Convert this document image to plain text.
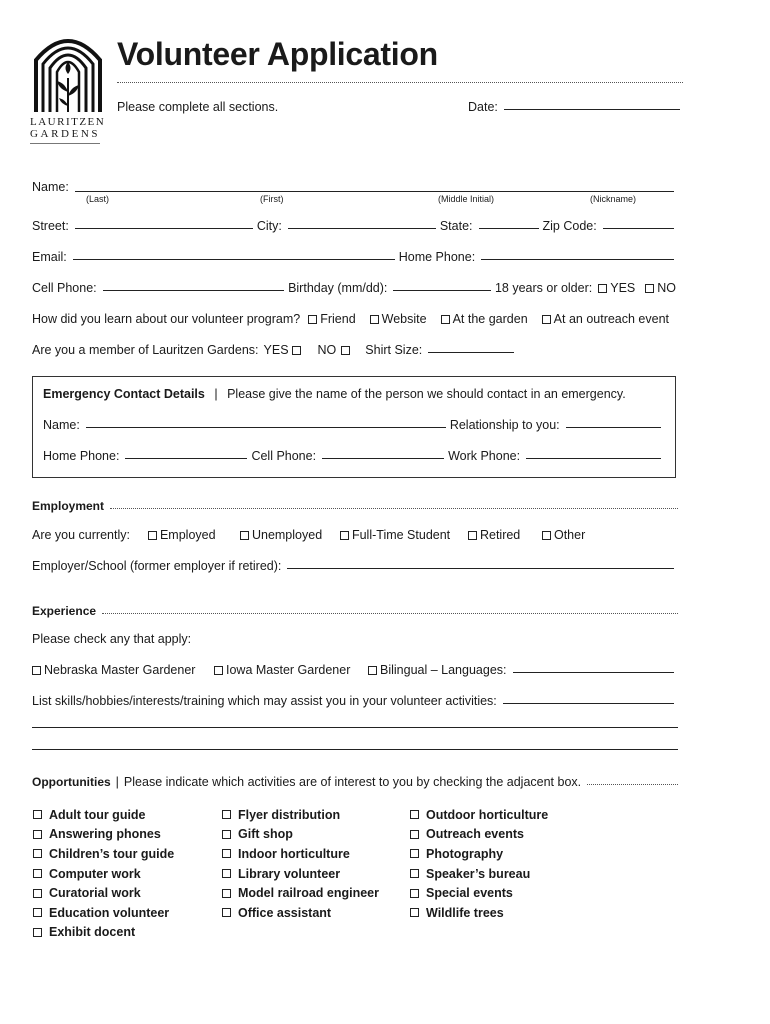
LAURITZEN
GARDENS
Volunteer Application
Please complete all sections.	Date:
Name:
(Last)	(First)	(Middle Initial)	(Nickname)
Street:	City:	State:	Zip Code:
Email:	Home Phone:
Cell Phone:	Birthday (mm/dd):	18 years or older: YES NO
How did you learn about our volunteer program? Friend Website At the garden At an outreach event
Are you a member of Lauritzen Gardens: YES NO Shirt Size:
Emergency Contact Details | Please give the name of the person we should contact in an emergency.
Name:	Relationship to you:
Home Phone:	Cell Phone:	Work Phone:
Employment
Are you currently: Employed	Unemployed Full-Time Student Retired	Other
Employer/School (former employer if retired):
Experience
Please check any that apply:
Nebraska Master Gardener Iowa Master Gardener Bilingual – Languages:
List skills/hobbies/interests/training which may assist you in your volunteer activities:
Opportunities | Please indicate which activities are of interest to you by checking the adjacent box.
Adult tour guide
Answering phones
Children’s tour guide
Computer work
Curatorial work
Education volunteer
Exhibit docent
Flyer distribution
Gift shop
Indoor horticulture
Library volunteer
Model railroad engineer
Office assistant
Outdoor horticulture
Outreach events
Photography
Speaker’s bureau
Special events
Wildlife trees
